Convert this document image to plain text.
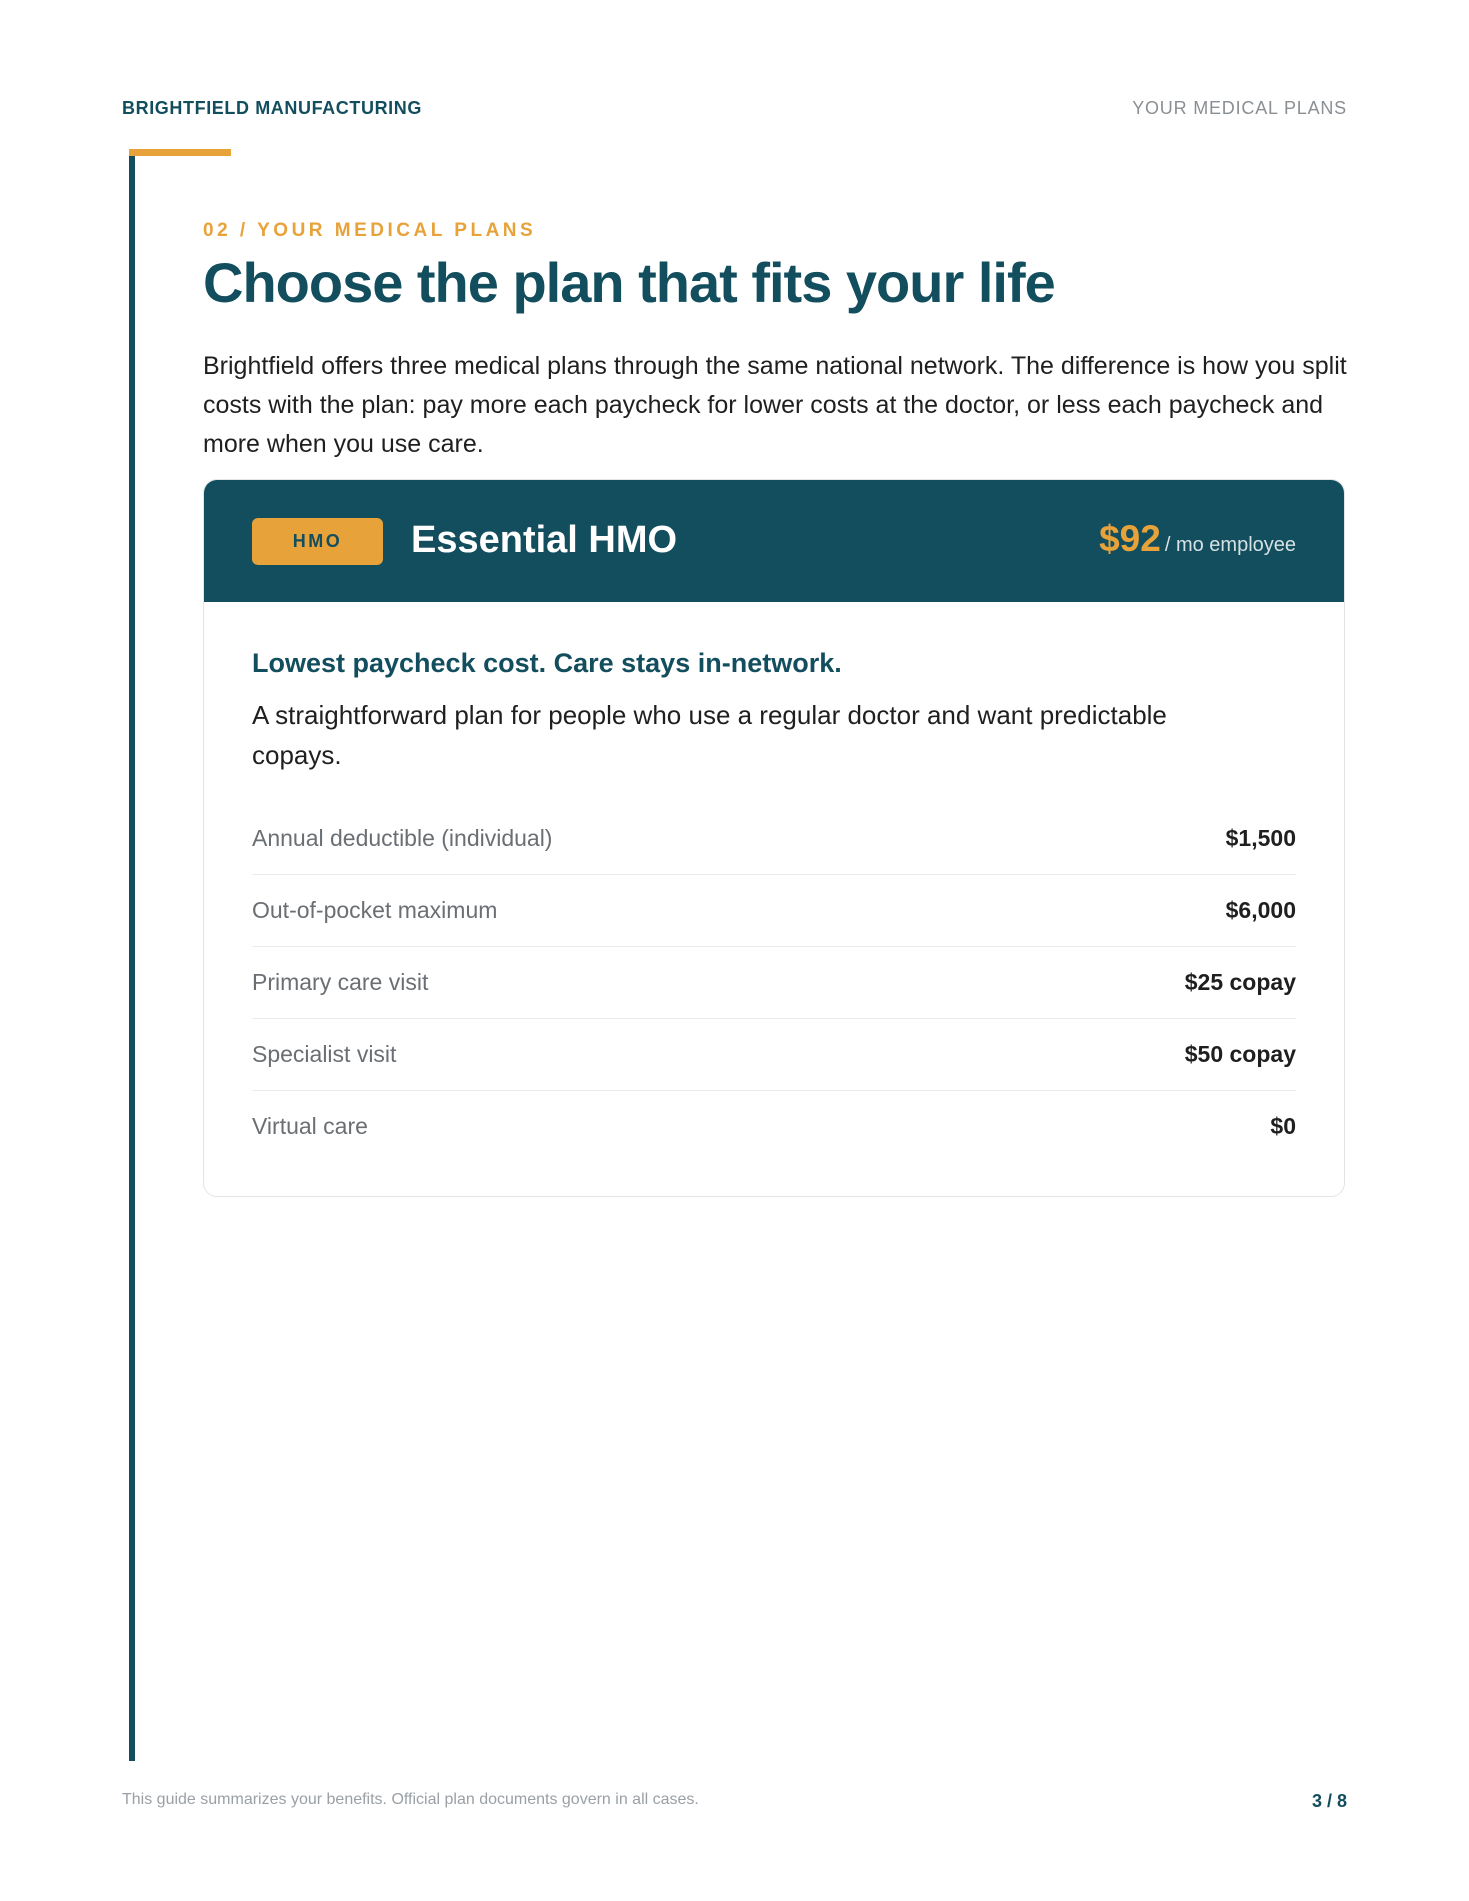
BRIGHTFIELD MANUFACTURING	YOUR MEDICAL PLANS

02 / YOUR MEDICAL PLANS

Choose the plan that fits your life

Brightfield offers three medical plans through the same national network. The difference is how you split costs with the plan: pay more each paycheck for lower costs at the doctor, or less each paycheck and more when you use care.

HMO	Essential HMO	$92 / mo employee

Lowest paycheck cost. Care stays in-network.

A straightforward plan for people who use a regular doctor and want predictable copays.

Annual deductible (individual)	$1,500
Out-of-pocket maximum	$6,000
Primary care visit	$25 copay
Specialist visit	$50 copay
Virtual care	$0
This guide summarizes your benefits. Official plan documents govern in all cases.	3 / 8
